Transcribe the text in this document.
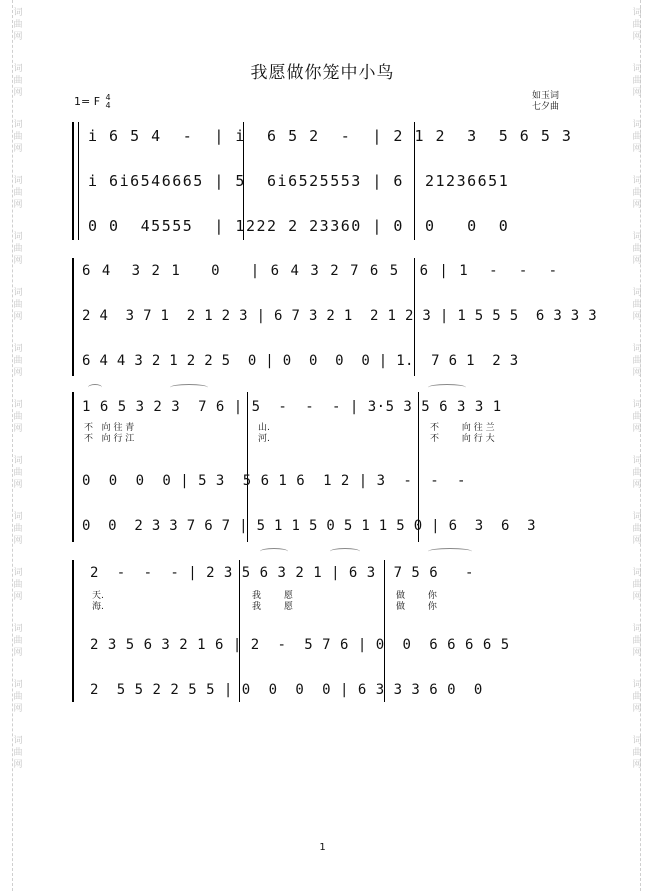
词
曲
网
词
曲
网
词
曲
网
词
曲
网
词
曲
网
词
曲
网
词
曲
网
词
曲
网
词
曲
网
词
曲
网
词
曲
网
词
曲
网
词
曲
网
词
曲
网
词
曲
网
词
曲
网
词
曲
网
词
曲
网
词
曲
网
词
曲
网
词
曲
网
词
曲
网
词
曲
网
词
曲
网
词
曲
网
词
曲
网
词
曲
网
词
曲
网
我愿做你笼中小鸟
1= F 4
4
如玉词
七夕曲
i 6 5 4  -  | i  6 5 2  -  | 2 1 2  3  5 6 5 3
i 6i6546665 | 5  6i6525553 | 6  21236651
0 0  45555  | 1222 2 23360 | 0  0   0  0
6 4  3 2 1   0   | 6 4 3 2 7 6 5  6 | 1  -  -  -
2 4  3 7 1  2 1 2 3 | 6 7 3 2 1  2 1 2 3 | 1 5 5 5  6 3 3 3
6 4 4 3 2 1 2 2 5  0 | 0  0  0  0 | 1.  7 6 1  2 3
1 6 5 3 2 3  7 6 | 5  -  -  - | 3·5 3 5 6 3 3 1
不   向 往 青
不   向 行 江
山.
河.
不        向 往 兰
不        向 行 大
0  0  0  0 | 5 3  5 6 1 6  1 2 | 3  -  -  -
0  0  2 3 3 7 6 7 | 5 1 1 5 0 5 1 1 5 0 | 6  3  6  3
2  -  -  - | 2 3 5 6 3 2 1 | 6 3  7 5 6   -
天.
海.
我        愿
我        愿
做        你
做        你
2 3 5 6 3 2 1 6 | 2  -  5 7 6 | 0  0  6 6 6 6 5
2  5 5 2 2 5 5 | 0  0  0  0 | 6 3 3 3 6 0  0
1
